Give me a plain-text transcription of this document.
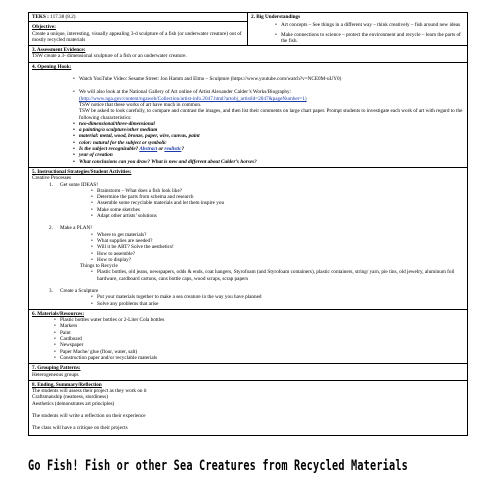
TEKS : 117.38 (8.2)
Objective:
Create a unique, interesting, visually appealing 3-d sculpture of a fish (or underwater creature) out of mostly recycled materials
2. Big Understandings
• Art concepts – See things in a different way – think creatively – fish around new ideas
• Make connections to science – protect the environment and recycle – learn the parts of the fish.
3. Assessment Evidence:
TSW create a 3- dimensional sculpture of a fish or an underwater creature.
4. Opening Hook:
• Watch YouTube Video: Sesame Street: Jon Hamm and Elmo – Sculpture (https://www.youtube.com/watch?v=NCE0M-uUY0)
• We will also look at the National Gallery of Art online of Artist Alexander Calder’s Works/Biography:
(http://www.nga.gov/content/ngaweb/Collection/artist-info.2047.html?artobj_artistId=2047&pageNumber=1)
TSW notice that these works of art have much in common.
TSW be asked to look carefully, to compare and contrast the images, and then list their comments on large chart paper. Prompt students to investigate each work of art with regard to the following characteristics:
• two-dimensional/three-dimensional
• a painting/a sculpture/other medium
• material: metal, wood, bronze, paper, wire, canvas, paint
• color: natural for the subject or symbolic
• Is the subject recognizable? Abstract or realistic?
• year of creation
• What conclusions can you draw? What is new and different about Calder’s horses?
5. Instructional Strategies/Student Activities:
Creative Processes
1. Get some IDEAS!
• Brainstorm – What does a fish look like?
• Determine the parts from schema and research
• Assemble some recyclable materials and let them inspire you
• Make some sketches
• Adapt other artists’ solutions
2. Make a PLAN!
• Where to get materials?
• What supplies are needed?
• Will it be ART? Solve the aesthetics!
• How to assemble?
• How to display?
Things to Recycle
• Plastic bottles, old jeans, newspapers, odds & ends, coat hangers, Styrofoam (and Styrofoam containers), plastic containers, string/ yarn, pie tins, old jewelry, aluminum foil hardware, cardboard cartons, cans bottle caps, wood scraps, scrap papers
3. Create a Sculpture
• Put your materials together to make a sea creature in the way you have planned
• Solve any problems that arise
6. Materials/Resources:
• Plastic bottles water bottles or 2-Liter Cola bottles
• Markers
• Paint
• Cardboard
• Newspaper
• Paper Mache/ glue (flour, water, salt)
• Construction paper and/or recyclable materials
7. Grouping Patterns:
Heterogeneous groups
8. Ending, Summary/Reflection
The students will assess their project as they work on it
Craftsmanship (neatness, sturdiness)
Aesthetics (demonstrates art principles)
The students will write a reflection on their experience
The class will have a critique on their projects
Go Fish! Fish or other Sea Creatures from Recycled Materials
